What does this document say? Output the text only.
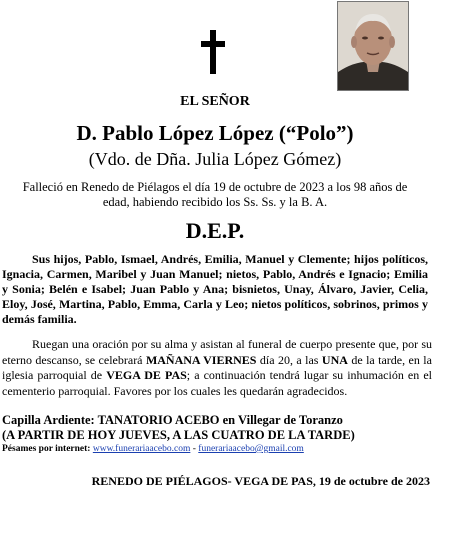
EL SEÑOR
D. Pablo López López (“Polo”)
(Vdo. de Dña. Julia López Gómez)
Falleció en Renedo de Piélagos el día 19 de octubre de 2023 a los 98 años de
edad, habiendo recibido los Ss. Ss. y la B. A.
D.E.P.
Sus hijos, Pablo, Ismael, Andrés, Emilia, Manuel y Clemente; hijos políticos, Ignacia, Carmen, Maribel y Juan Manuel; nietos, Pablo, Andrés e Ignacio; Emilia y Sonia; Belén e Isabel; Juan Pablo y Ana; bisnietos, Unay, Álvaro, Javier, Celia, Eloy, José, Martina, Pablo, Emma, Carla y Leo; nietos políticos, sobrinos, primos y demás familia.
Ruegan una oración por su alma y asistan al funeral de cuerpo presente que, por su eterno descanso, se celebrará MAÑANA VIERNES día 20, a las UNA de la tarde, en la iglesia parroquial de VEGA DE PAS; a continuación tendrá lugar su inhumación en el cementerio parroquial. Favores por los cuales les quedarán agradecidos.
Capilla Ardiente: TANATORIO ACEBO en Villegar de Toranzo
(A PARTIR DE HOY JUEVES, A LAS CUATRO DE LA TARDE)
Pésames por internet: www.funerariaacebo.com - funerariaacebo@gmail.com
RENEDO DE PIÉLAGOS- VEGA DE PAS, 19 de octubre de 2023
